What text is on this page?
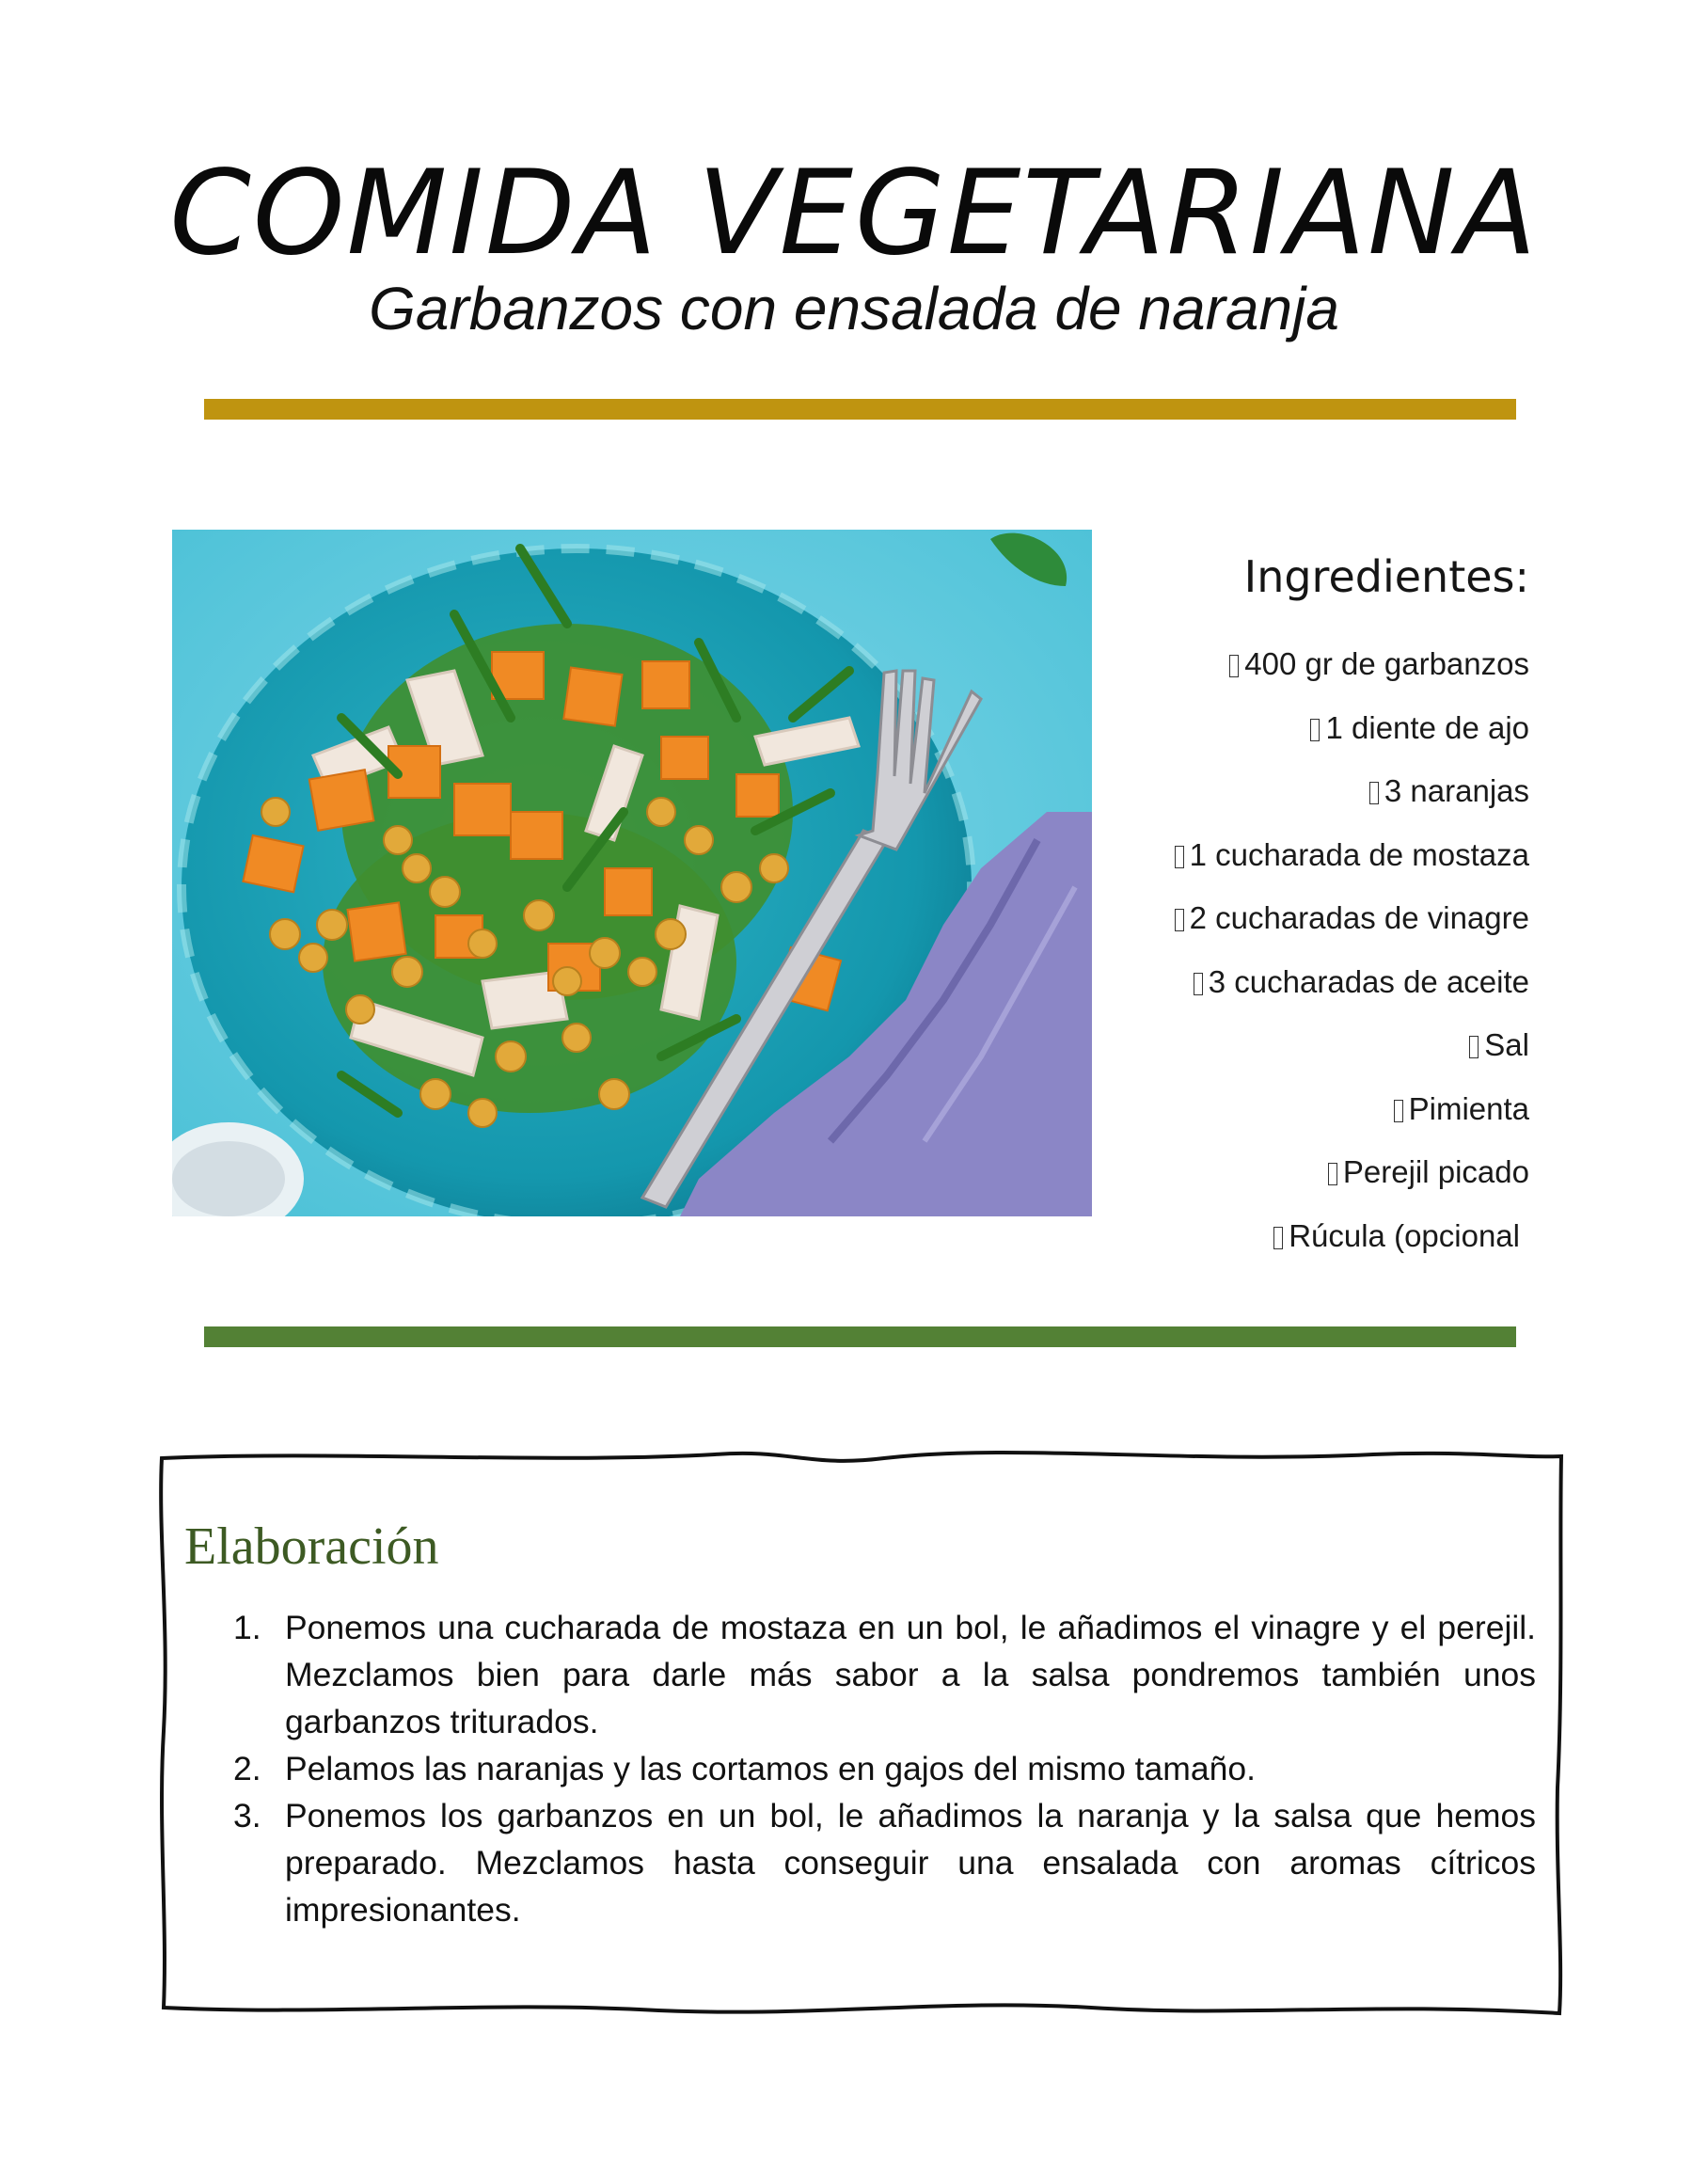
COMIDA VEGETARIANA
Garbanzos con ensalada de naranja
Ingredientes:
400 gr de garbanzos
1 diente de ajo
3 naranjas
1 cucharada de mostaza
2 cucharadas de vinagre
3 cucharadas de aceite
Sal
Pimienta
Perejil picado
Rúcula (opcional
Elaboración
1. Ponemos una cucharada de mostaza en un bol, le añadimos el vinagre y el perejil. Mezclamos bien para darle más sabor a la salsa pondremos también unos garbanzos triturados.
2. Pelamos las naranjas y las cortamos en gajos del mismo tamaño.
3. Ponemos los garbanzos en un bol, le añadimos la naranja y la salsa que hemos preparado. Mezclamos hasta conseguir una ensalada con aromas cítricos impresionantes.
